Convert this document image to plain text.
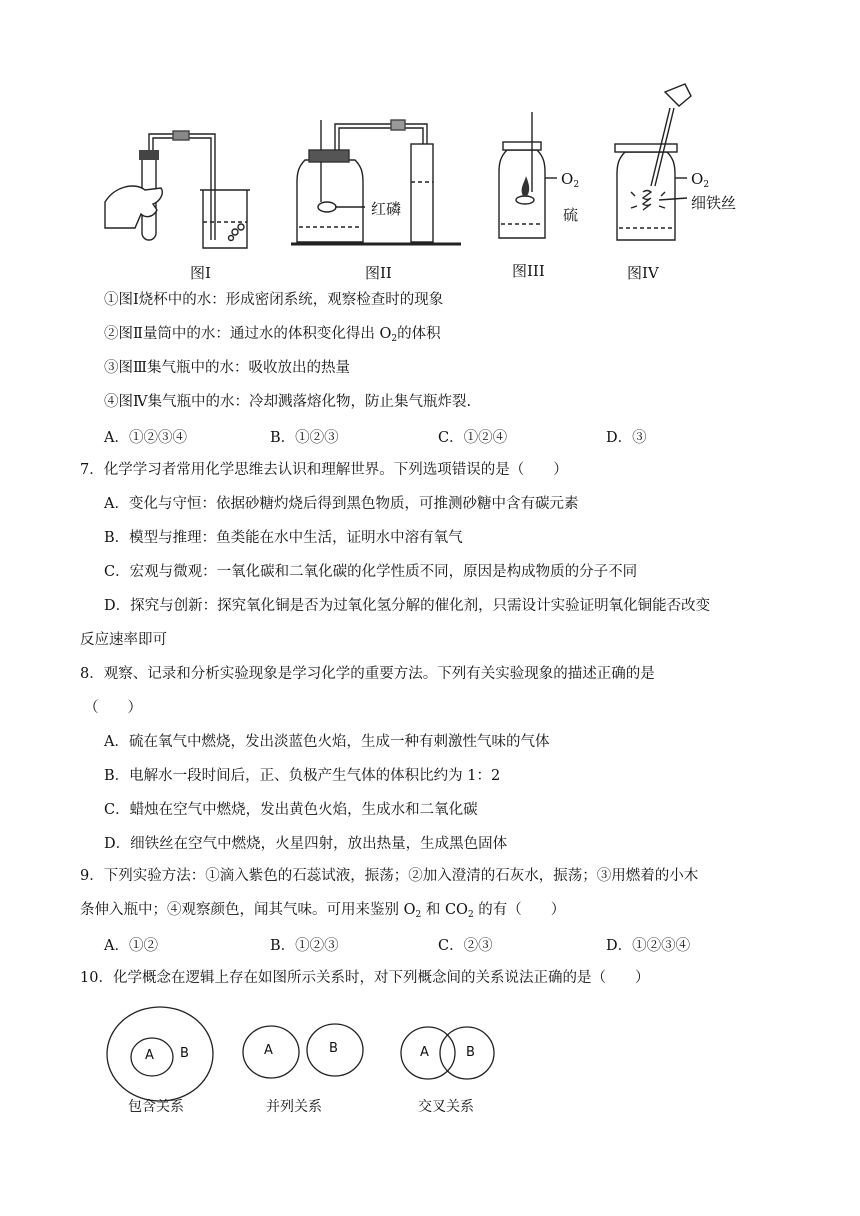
红磷
$O_2$
硫
$O_2$
细铁丝
图I	图II	图III	图IV
①图Ⅰ烧杯中的水：形成密闭系统，观察检查时的现象
②图Ⅱ量筒中的水：通过水的体积变化得出 $O_2$的体积
③图Ⅲ集气瓶中的水：吸收放出的热量
④图Ⅳ集气瓶中的水：冷却溅落熔化物，防止集气瓶炸裂.
A．①②③④	B．①②③	C．①②④	D．③
7．化学学习者常用化学思维去认识和理解世界。下列选项错误的是（　　）
A．变化与守恒：依据砂糖灼烧后得到黑色物质，可推测砂糖中含有碳元素
B．模型与推理：鱼类能在水中生活，证明水中溶有氧气
C．宏观与微观：一氧化碳和二氧化碳的化学性质不同，原因是构成物质的分子不同
D．探究与创新：探究氧化铜是否为过氧化氢分解的催化剂，只需设计实验证明氧化铜能否改变
反应速率即可
8．观察、记录和分析实验现象是学习化学的重要方法。下列有关实验现象的描述正确的是
（　　）
A．硫在氧气中燃烧，发出淡蓝色火焰，生成一种有刺激性气味的气体
B．电解水一段时间后，正、负极产生气体的体积比约为 1：2
C．蜡烛在空气中燃烧，发出黄色火焰，生成水和二氧化碳
D．细铁丝在空气中燃烧，火星四射，放出热量，生成黑色固体
9．下列实验方法：①滴入紫色的石蕊试液，振荡；②加入澄清的石灰水，振荡；③用燃着的小木
条伸入瓶中；④观察颜色，闻其气味。可用来鉴别 $O_2$ 和 $CO_2$ 的有（　　）
A．①②	B．①②③	C．②③	D．①②③④
10．化学概念在逻辑上存在如图所示关系时，对下列概念间的关系说法正确的是（　　）
A B	A	B	A	B
包含关系	并列关系	交叉关系
